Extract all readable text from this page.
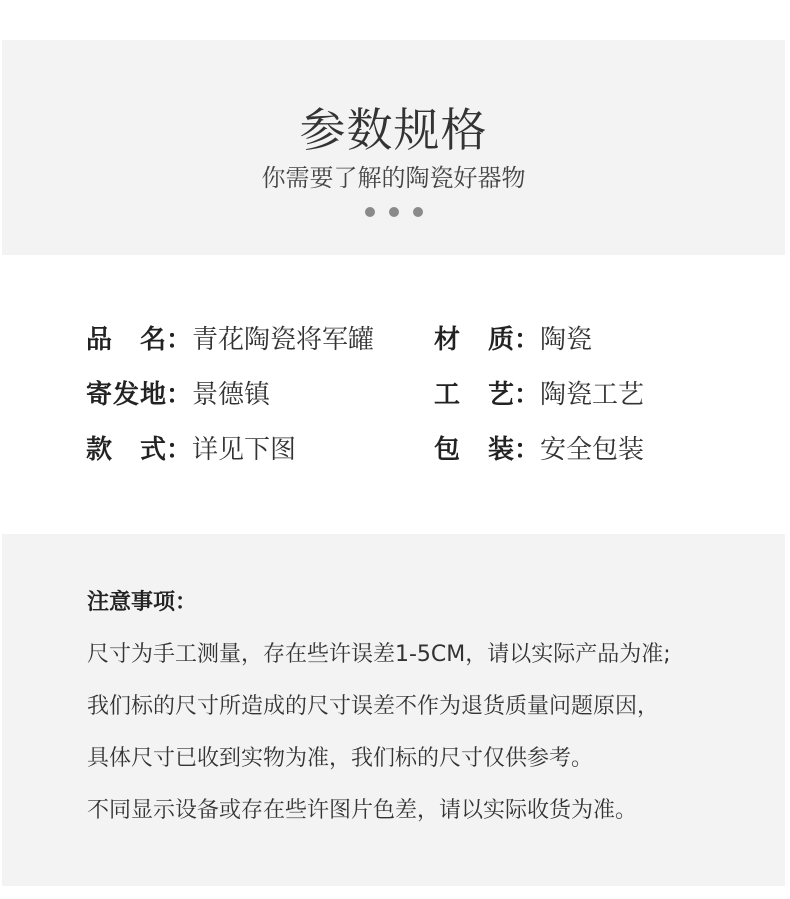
参数规格
你需要了解的陶瓷好器物
品名 ： 青花陶瓷将军罐 材质 ： 陶瓷
寄发地 ： 景德镇	工艺 ： 陶瓷工艺
款式 ： 详见下图	包装 ： 安全包装
注意事项：
尺寸为手工测量，存在些许误差1-5CM，请以实际产品为准;
我们标的尺寸所造成的尺寸误差不作为退货质量问题原因，
具体尺寸已收到实物为准，我们标的尺寸仅供参考。
不同显示设备或存在些许图片色差，请以实际收货为准。
